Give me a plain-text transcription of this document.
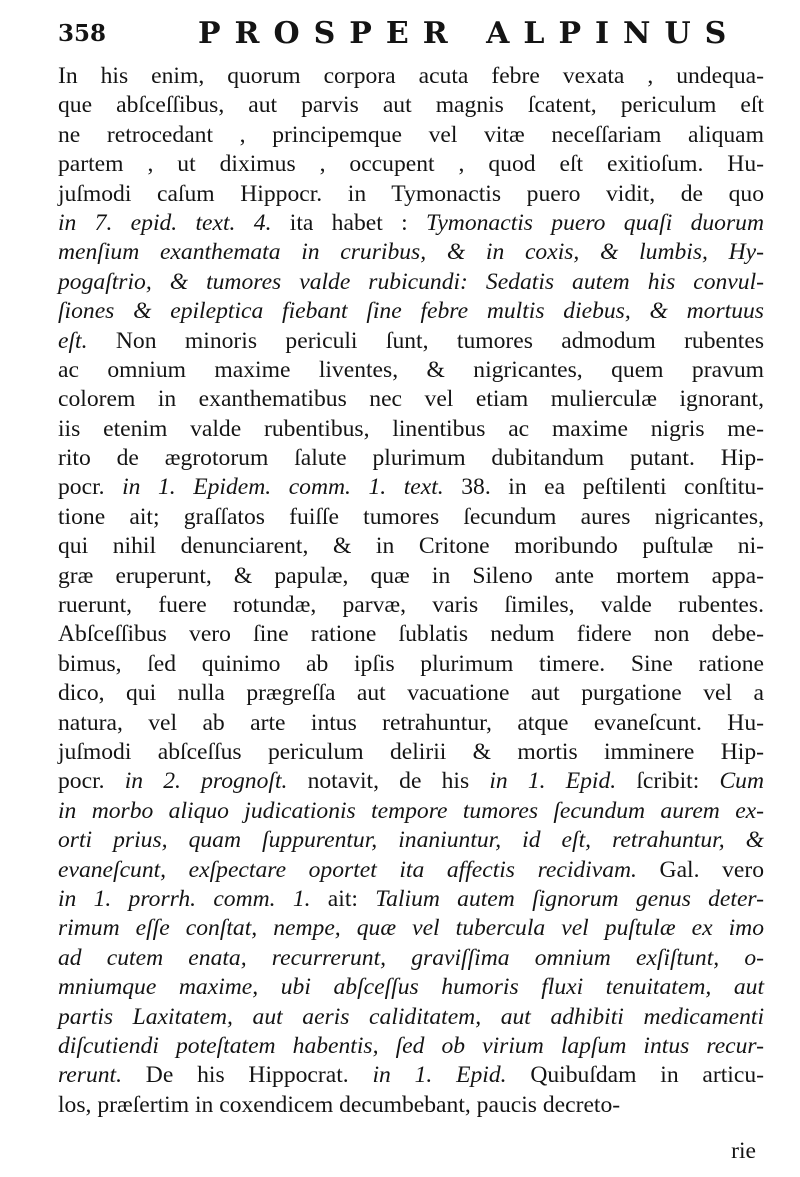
358	PROSPER ALPINUS
In his enim, quorum corpora acuta febre vexata , undequa-
que abſceſſibus, aut parvis aut magnis ſcatent, periculum eſt
ne retrocedant , principemque vel vitæ neceſſariam aliquam
partem , ut diximus , occupent , quod eſt exitioſum. Hu-
juſmodi caſum Hippocr. in Tymonactis puero vidit, de quo
in 7. epid. text. 4. ita habet : Tymonactis puero quaſi duorum
menſium exanthemata in cruribus, & in coxis, & lumbis, Hy-
pogaſtrio, & tumores valde rubicundi: Sedatis autem his convul-
ſiones & epileptica fiebant ſine febre multis diebus, & mortuus
eſt. Non minoris periculi ſunt, tumores admodum rubentes
ac omnium maxime liventes, & nigricantes, quem pravum
colorem in exanthematibus nec vel etiam mulierculæ ignorant,
iis etenim valde rubentibus, linentibus ac maxime nigris me-
rito de ægrotorum ſalute plurimum dubitandum putant. Hip-
pocr. in 1. Epidem. comm. 1. text. 38. in ea peſtilenti conſtitu-
tione ait; graſſatos fuiſſe tumores ſecundum aures nigricantes,
qui nihil denunciarent, & in Critone moribundo puſtulæ ni-
græ eruperunt, & papulæ, quæ in Sileno ante mortem appa-
ruerunt, fuere rotundæ, parvæ, varis ſimiles, valde rubentes.
Abſceſſibus vero ſine ratione ſublatis nedum fidere non debe-
bimus, ſed quinimo ab ipſis plurimum timere. Sine ratione
dico, qui nulla prægreſſa aut vacuatione aut purgatione vel a
natura, vel ab arte intus retrahuntur, atque evaneſcunt. Hu-
juſmodi abſceſſus periculum delirii & mortis imminere Hip-
pocr. in 2. prognoſt. notavit, de his in 1. Epid. ſcribit: Cum
in morbo aliquo judicationis tempore tumores ſecundum aurem ex-
orti prius, quam ſuppurentur, inaniuntur, id eſt, retrahuntur, &
evaneſcunt, exſpectare oportet ita affectis recidivam. Gal. vero
in 1. prorrh. comm. 1. ait: Talium autem ſignorum genus deter-
rimum eſſe conſtat, nempe, quæ vel tubercula vel puſtulæ ex imo
ad cutem enata, recurrerunt, graviſſima omnium exſiſtunt, o-
mniumque maxime, ubi abſceſſus humoris fluxi tenuitatem, aut
partis Laxitatem, aut aeris caliditatem, aut adhibiti medicamenti
diſcutiendi poteſtatem habentis, ſed ob virium lapſum intus recur-
rerunt. De his Hippocrat. in 1. Epid. Quibuſdam in articu-
los, præſertim in coxendicem decumbebant, paucis decreto-
rie
